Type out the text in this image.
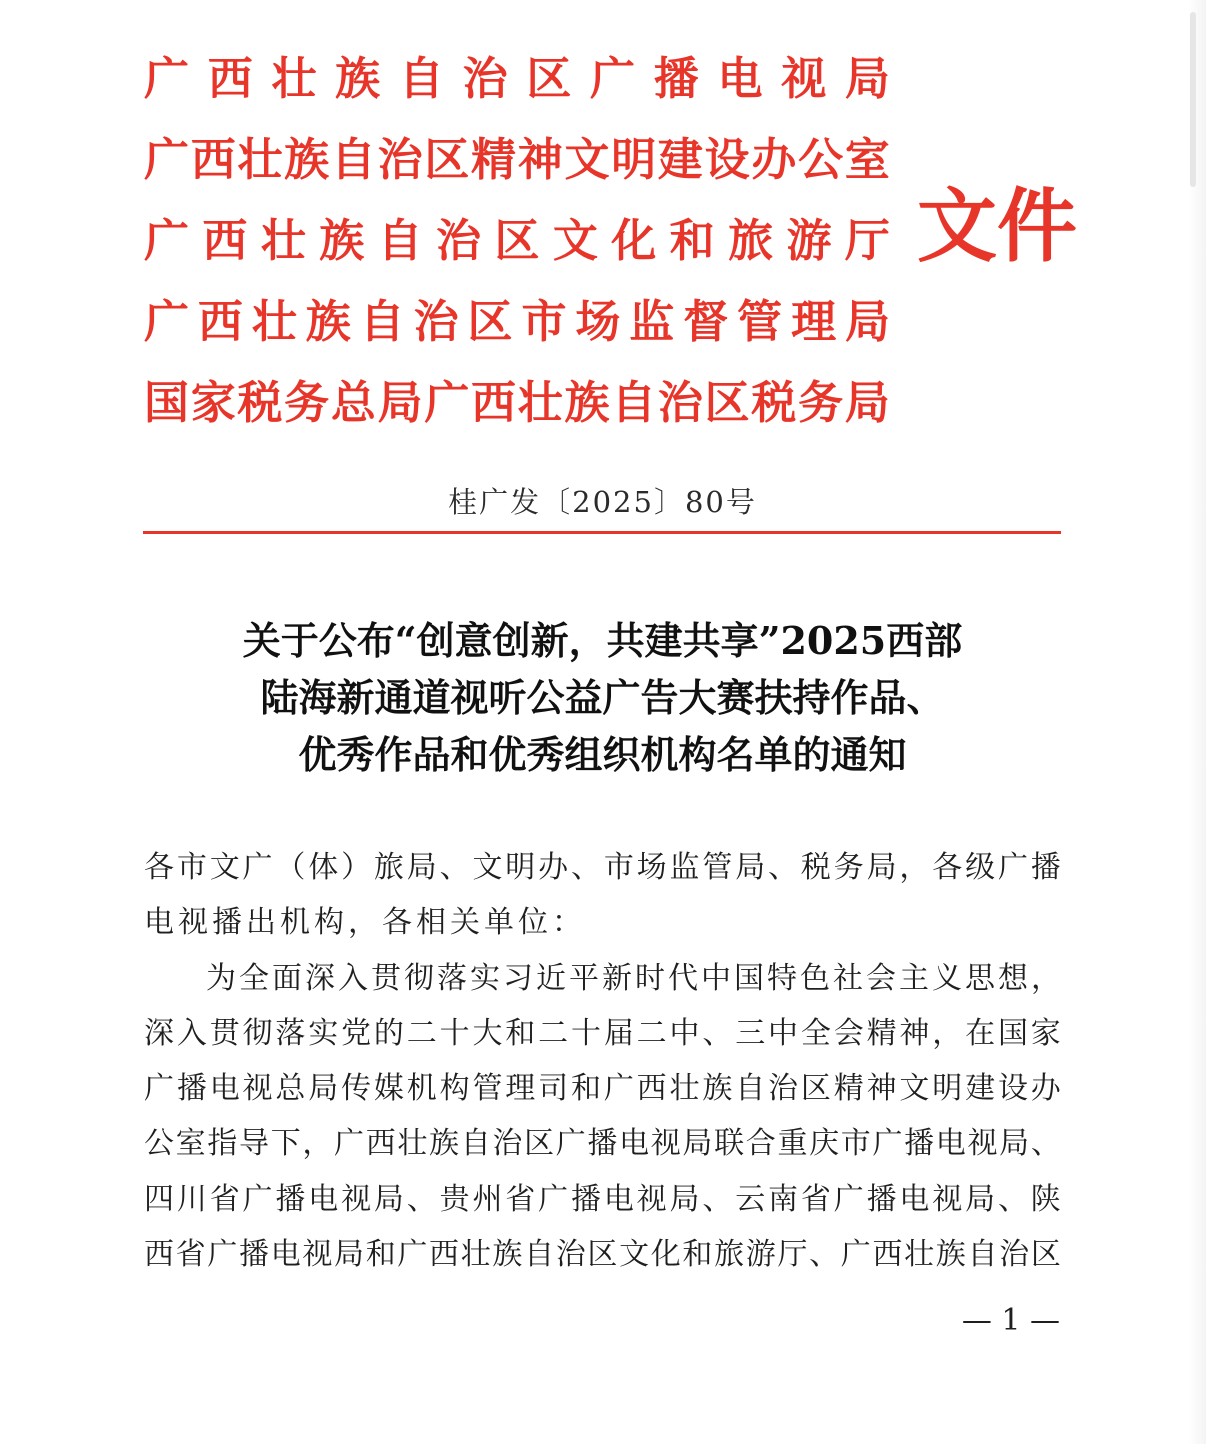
广 西 壮 族 自 治 区 广 播 电 视 局
广 西 壮 族 自 治 区 精 神 文 明 建 设 办 公 室
广 西 壮 族 自 治 区 文 化 和 旅 游 厅
广 西 壮 族 自 治 区 市 场 监 督 管 理 局
国 家 税 务 总 局 广 西 壮 族 自 治 区 税 务 局
文件
桂广发〔2025〕80号
关于公布“创意创新，共建共享”2025西部
陆海新通道视听公益广告大赛扶持作品、
优秀作品和优秀组织机构名单的通知
各 市 文 广 （ 体 ） 旅 局 、 文 明 办 、 市 场 监 管 局 、 税 务 局 ， 各 级 广 播
电视播出机构，各相关单位：
为 全 面 深 入 贯 彻 落 实 习 近 平 新 时 代 中 国 特 色 社 会 主 义 思 想 ，
深 入 贯 彻 落 实 党 的 二 十 大 和 二 十 届 二 中 、 三 中 全 会 精 神 ， 在 国 家
广 播 电 视 总 局 传 媒 机 构 管 理 司 和 广 西 壮 族 自 治 区 精 神 文 明 建 设 办
公 室 指 导 下 ， 广 西 壮 族 自 治 区 广 播 电 视 局 联 合 重 庆 市 广 播 电 视 局 、
四 川 省 广 播 电 视 局 、 贵 州 省 广 播 电 视 局 、 云 南 省 广 播 电 视 局 、 陕
西 省 广 播 电 视 局 和 广 西 壮 族 自 治 区 文 化 和 旅 游 厅 、 广 西 壮 族 自 治 区
— 1 —
